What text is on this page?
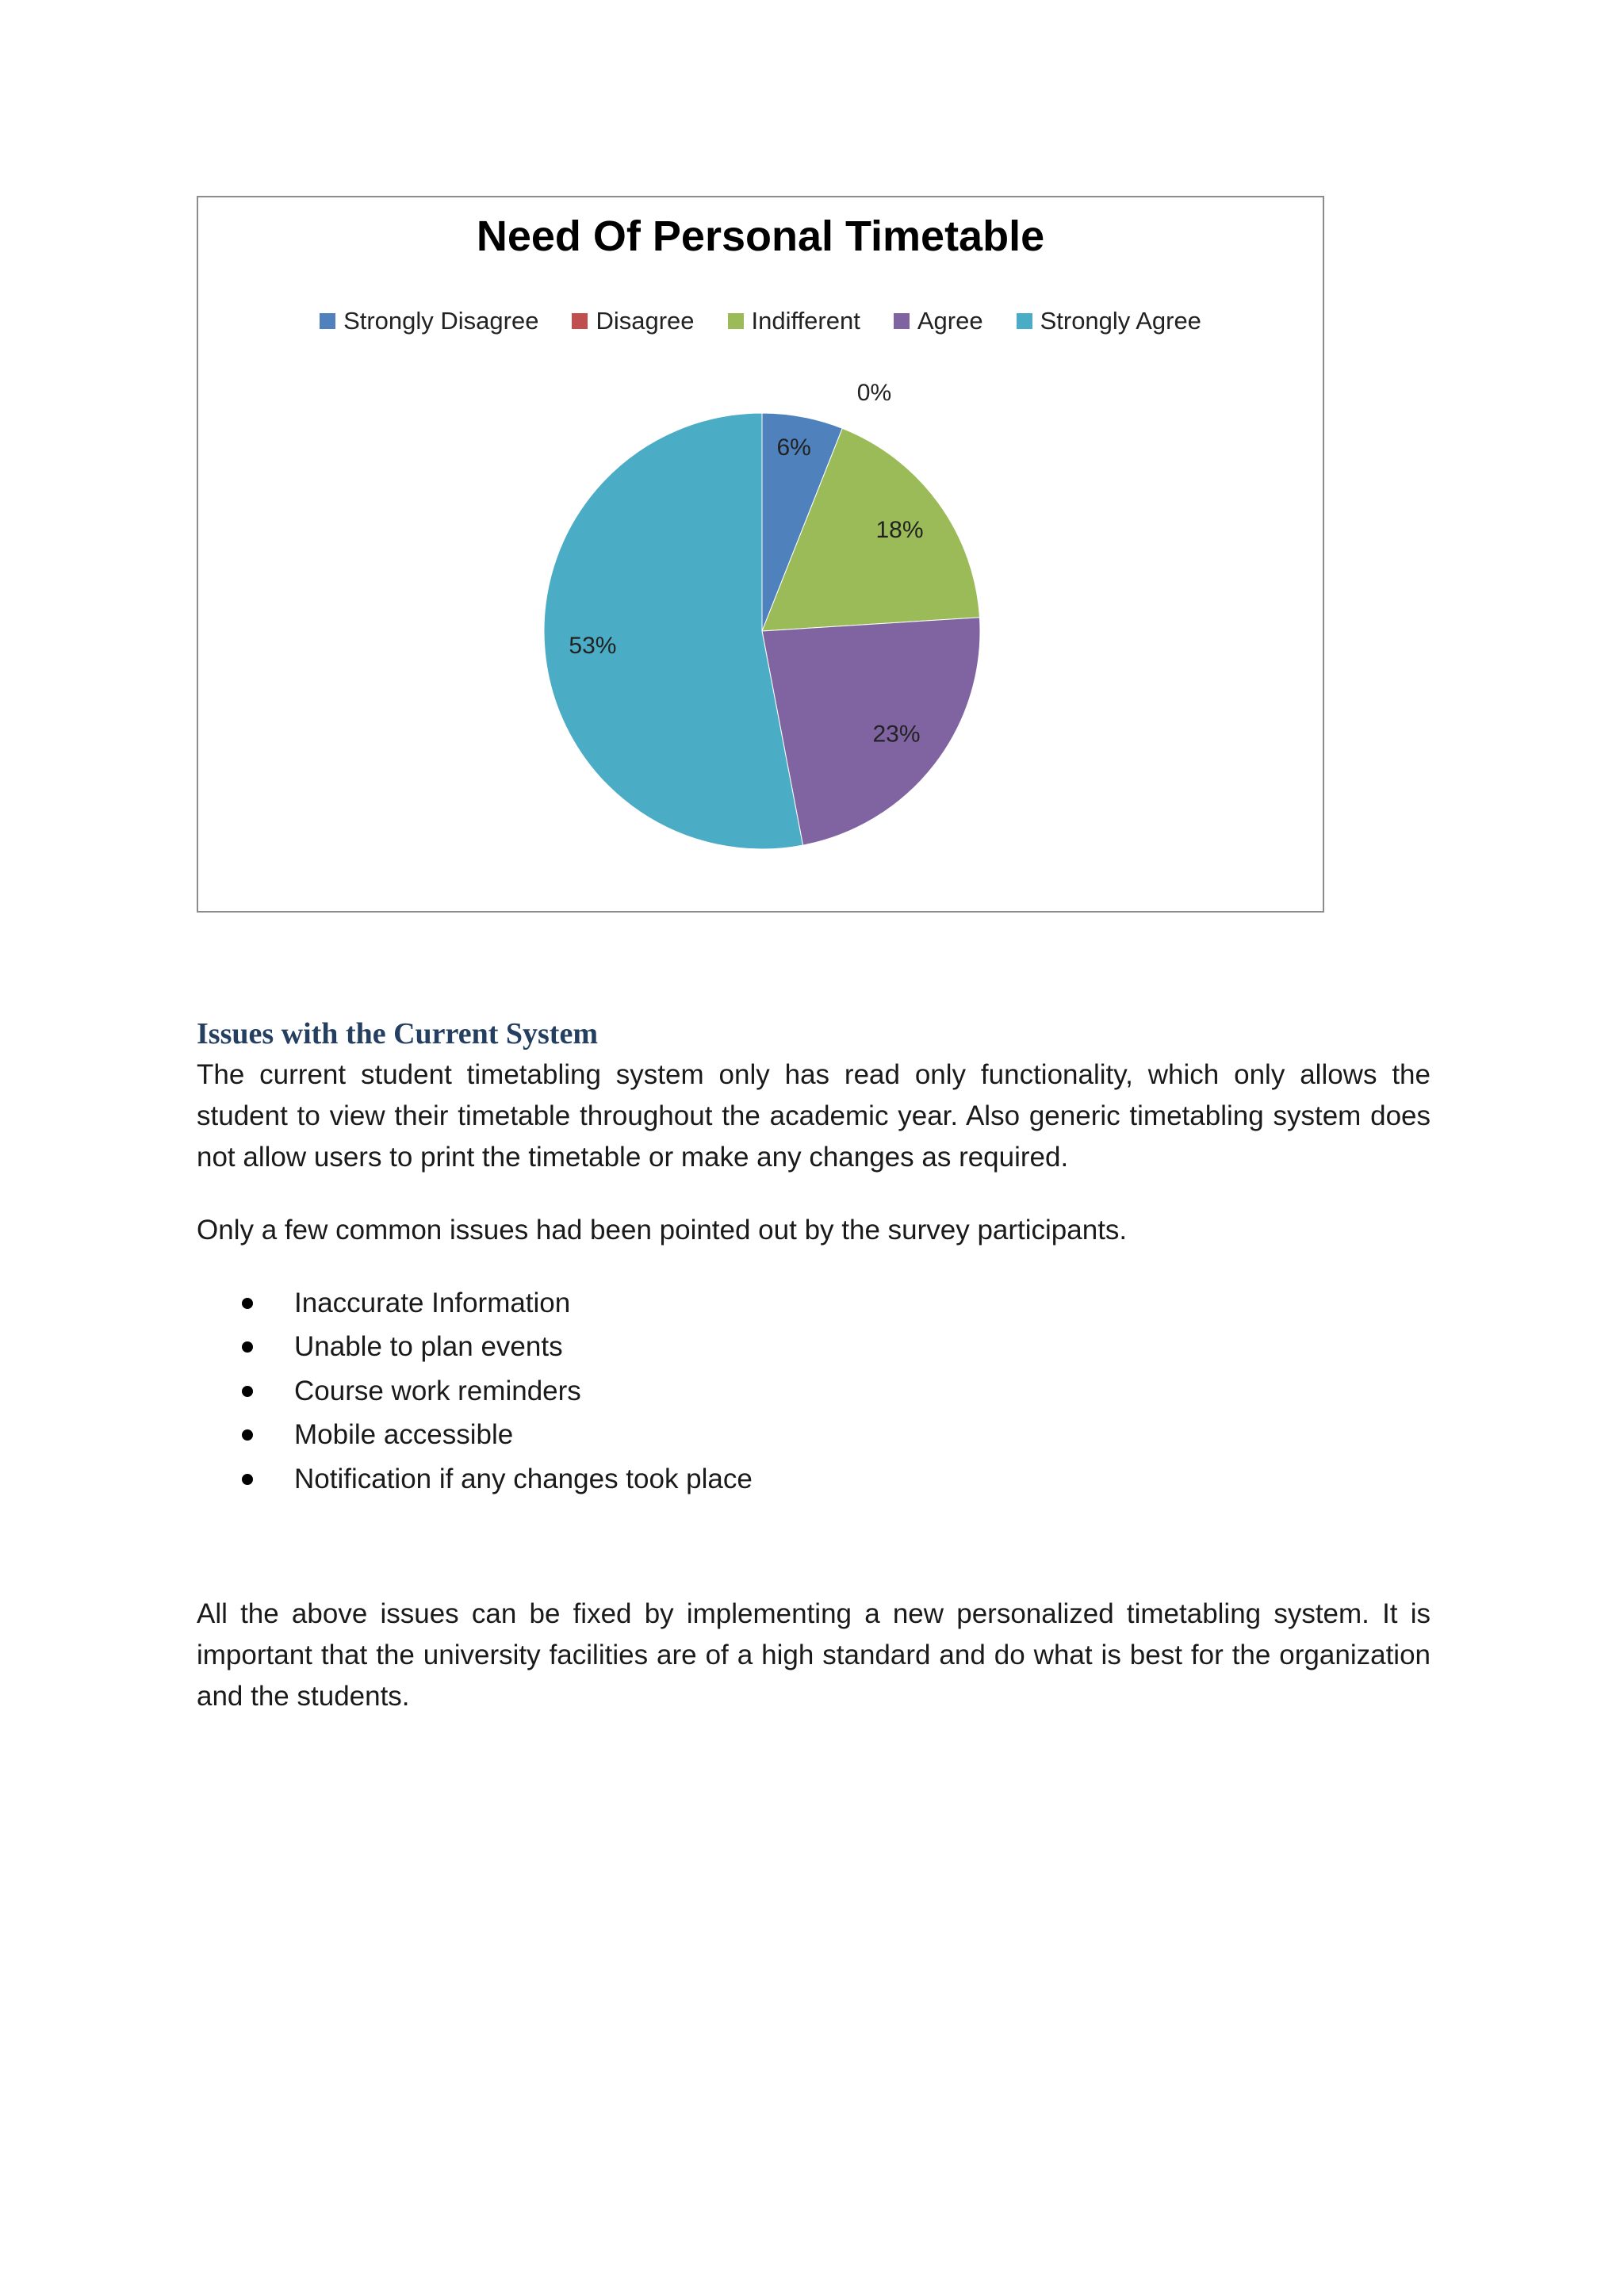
Need Of Personal Timetable
Strongly Disagree Disagree Indifferent Agree Strongly Agree
6%
0%
18%
23%
53%
Issues with the Current System

The current student timetabling system only has read only functionality, which only allows the student to view their timetable throughout the academic year. Also generic timetabling system does not allow users to print the timetable or make any changes as required.

Only a few common issues had been pointed out by the survey participants.

Inaccurate Information
Unable to plan events
Course work reminders
Mobile accessible
Notification if any changes took place

All the above issues can be fixed by implementing a new personalized timetabling system. It is important that the university facilities are of a high standard and do what is best for the organization and the students.
